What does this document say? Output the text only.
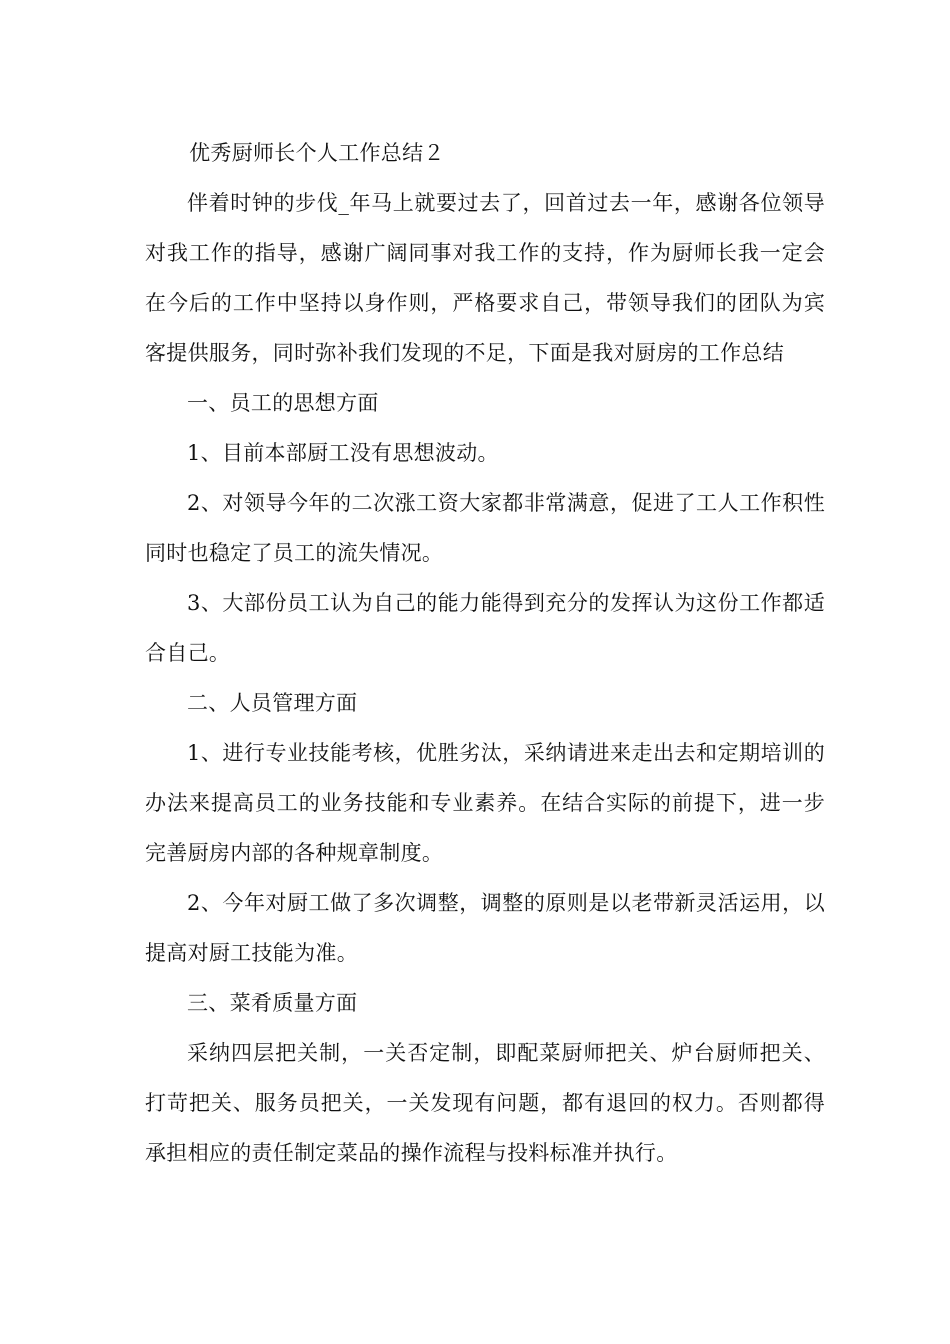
优秀厨师长个人工作总结２

伴着时钟的步伐_年马上就要过去了，回首过去一年，感谢各位领导对我工作的指导，感谢广阔同事对我工作的支持，作为厨师长我一定会在今后的工作中坚持以身作则，严格要求自己，带领导我们的团队为宾客提供服务，同时弥补我们发现的不足，下面是我对厨房的工作总结

一、员工的思想方面

1、目前本部厨工没有思想波动。

2、对领导今年的二次涨工资大家都非常满意，促进了工人工作积性同时也稳定了员工的流失情况。

3、大部份员工认为自己的能力能得到充分的发挥认为这份工作都适合自己。

二、人员管理方面

1、进行专业技能考核，优胜劣汰，采纳请进来走出去和定期培训的办法来提高员工的业务技能和专业素养。在结合实际的前提下，进一步完善厨房内部的各种规章制度。

2、今年对厨工做了多次调整，调整的原则是以老带新灵活运用，以提高对厨工技能为准。

三、菜肴质量方面

采纳四层把关制，一关否定制，即配菜厨师把关、炉台厨师把关、打苛把关、服务员把关，一关发现有问题，都有退回的权力。否则都得承担相应的责任制定菜品的操作流程与投料标准并执行。
